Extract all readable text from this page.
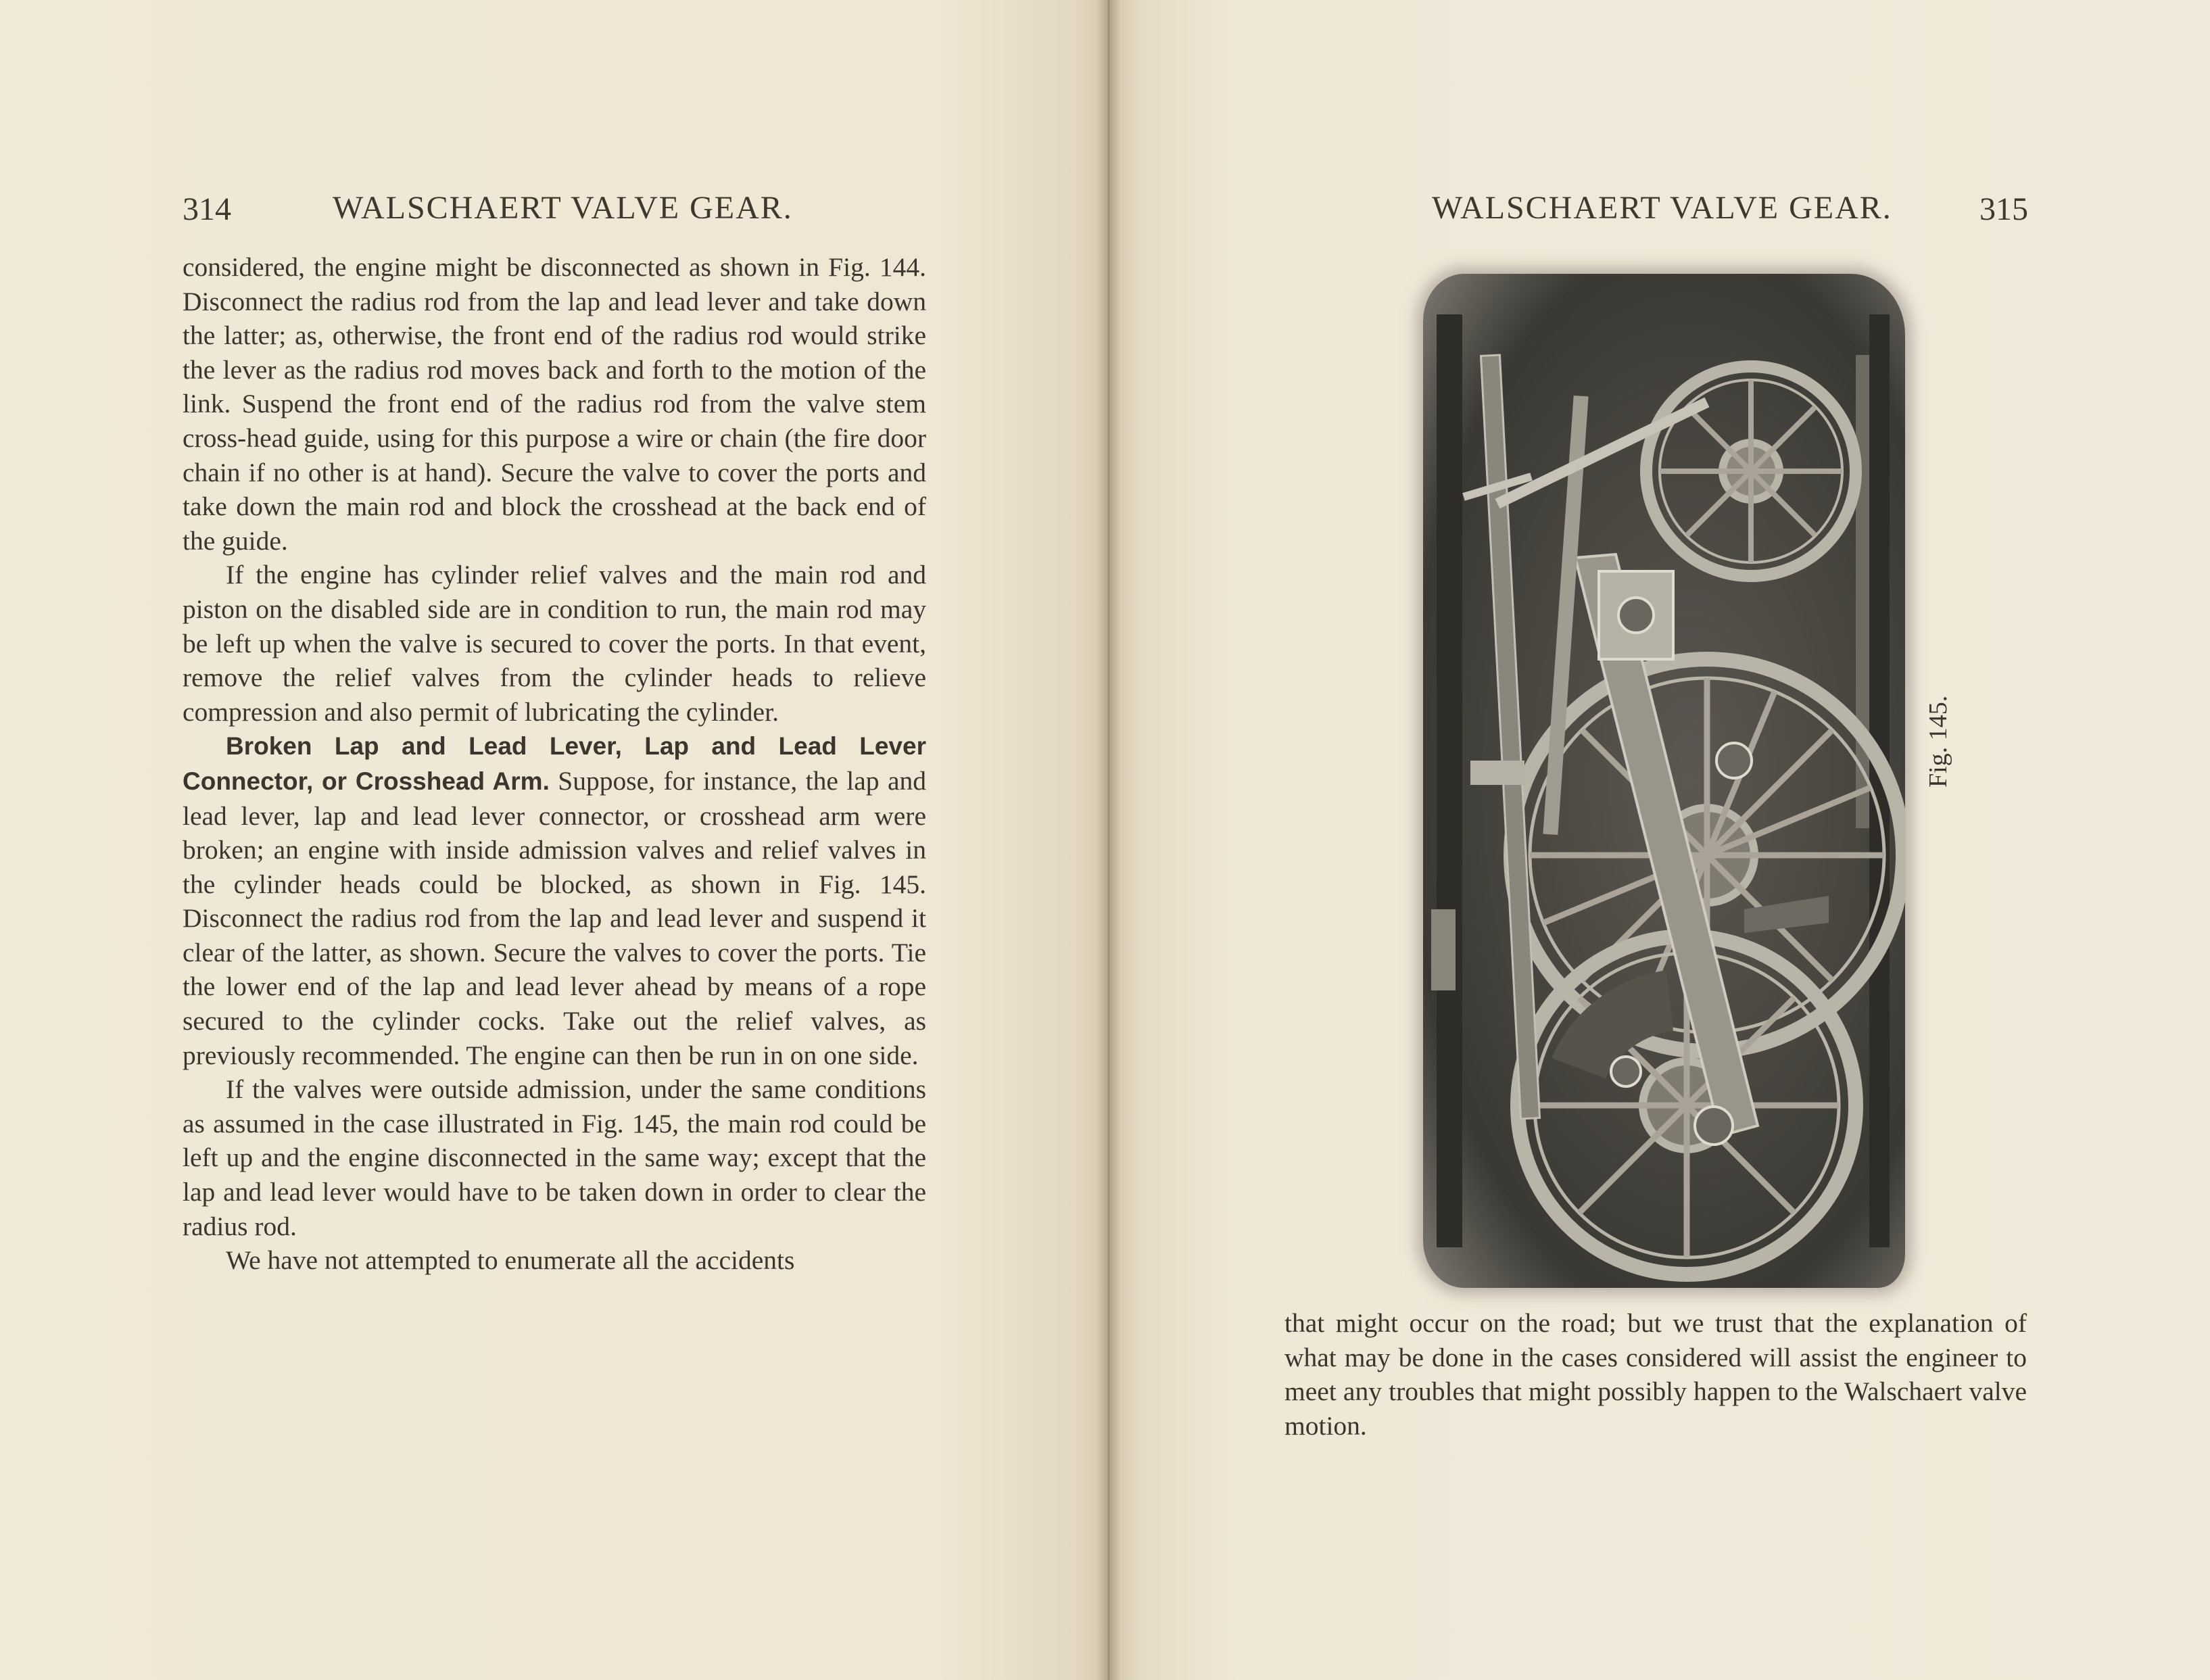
314	WALSCHAERT VALVE GEAR.

considered, the engine might be disconnected as shown in Fig. 144. Disconnect the radius rod from the lap and lead lever and take down the latter; as, otherwise, the front end of the radius rod would strike the lever as the radius rod moves back and forth to the motion of the link. Suspend the front end of the radius rod from the valve stem cross-head guide, using for this purpose a wire or chain (the fire door chain if no other is at hand). Secure the valve to cover the ports and take down the main rod and block the crosshead at the back end of the guide.

If the engine has cylinder relief valves and the main rod and piston on the disabled side are in condition to run, the main rod may be left up when the valve is secured to cover the ports. In that event, remove the relief valves from the cylinder heads to relieve compression and also permit of lubricating the cylinder.

Broken Lap and Lead Lever, Lap and Lead Lever Connector, or Crosshead Arm. Suppose, for instance, the lap and lead lever, lap and lead lever connector, or crosshead arm were broken; an engine with inside admission valves and relief valves in the cylinder heads could be blocked, as shown in Fig. 145. Disconnect the radius rod from the lap and lead lever and suspend it clear of the latter, as shown. Secure the valves to cover the ports. Tie the lower end of the lap and lead lever ahead by means of a rope secured to the cylinder cocks. Take out the relief valves, as previously recommended. The engine can then be run in on one side.

If the valves were outside admission, under the same conditions as assumed in the case illustrated in Fig. 145, the main rod could be left up and the engine disconnected in the same way; except that the lap and lead lever would have to be taken down in order to clear the radius rod.

We have not attempted to enumerate all the accidents

WALSCHAERT VALVE GEAR.	315
Fig. 145.

that might occur on the road; but we trust that the explanation of what may be done in the cases considered will assist the engineer to meet any troubles that might possibly happen to the Walschaert valve motion.
